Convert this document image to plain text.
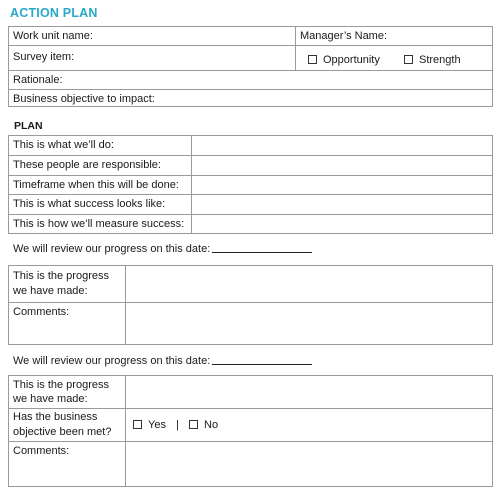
ACTION PLAN
Work unit name:	Manager’s Name:
Survey item:	Opportunity	Strength
Rationale:
Business objective to impact:
PLAN
This is what we’ll do:
These people are responsible:
Timeframe when this will be done:
This is what success looks like:
This is how we’ll measure success:
We will review our progress on this date:
This is the progress
we have made:
Comments:
We will review our progress on this date:
This is the progress
we have made:
Has the business
objective been met?
Yes |	No
Comments:
